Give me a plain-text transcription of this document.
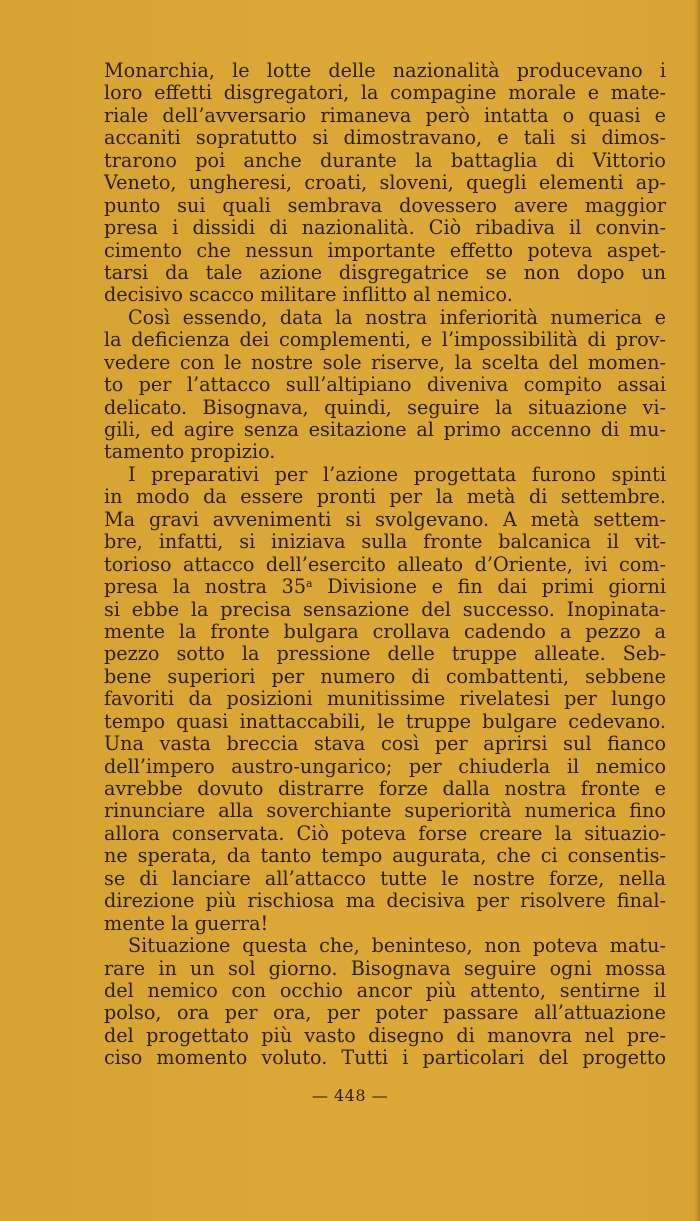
Monarchia, le lotte delle nazionalità producevano i
loro effetti disgregatori, la compagine morale e mate-
riale dell’avversario rimaneva però intatta o quasi e
accaniti sopratutto si dimostravano, e tali si dimos-
trarono poi anche durante la battaglia di Vittorio
Veneto, ungheresi, croati, sloveni, quegli elementi ap-
punto sui quali sembrava dovessero avere maggior
presa i dissidi di nazionalità. Ciò ribadiva il convin-
cimento che nessun importante effetto poteva aspet-
tarsi da tale azione disgregatrice se non dopo un
decisivo scacco militare inflitto al nemico.
Così essendo, data la nostra inferiorità numerica e
la deficienza dei complementi, e l’impossibilità di prov-
vedere con le nostre sole riserve, la scelta del momen-
to per l’attacco sull’altipiano diveniva compito assai
delicato. Bisognava, quindi, seguire la situazione vi-
gili, ed agire senza esitazione al primo accenno di mu-
tamento propizio.
I preparativi per l’azione progettata furono spinti
in modo da essere pronti per la metà di settembre.
Ma gravi avvenimenti si svolgevano. A metà settem-
bre, infatti, si iniziava sulla fronte balcanica il vit-
torioso attacco dell’esercito alleato d’Oriente, ivi com-
presa la nostra 35$^a$ Divisione e fin dai primi giorni
si ebbe la precisa sensazione del successo. Inopinata-
mente la fronte bulgara crollava cadendo a pezzo a
pezzo sotto la pressione delle truppe alleate. Seb-
bene superiori per numero di combattenti, sebbene
favoriti da posizioni munitissime rivelatesi per lungo
tempo quasi inattaccabili, le truppe bulgare cedevano.
Una vasta breccia stava così per aprirsi sul fianco
dell’impero austro-ungarico; per chiuderla il nemico
avrebbe dovuto distrarre forze dalla nostra fronte e
rinunciare alla soverchiante superiorità numerica fino
allora conservata. Ciò poteva forse creare la situazio-
ne sperata, da tanto tempo augurata, che ci consentis-
se di lanciare all’attacco tutte le nostre forze, nella
direzione più rischiosa ma decisiva per risolvere final-
mente la guerra!
Situazione questa che, beninteso, non poteva matu-
rare in un sol giorno. Bisognava seguire ogni mossa
del nemico con occhio ancor più attento, sentirne il
polso, ora per ora, per poter passare all’attuazione
del progettato più vasto disegno di manovra nel pre-
ciso momento voluto. Tutti i particolari del progetto
— 448 —
